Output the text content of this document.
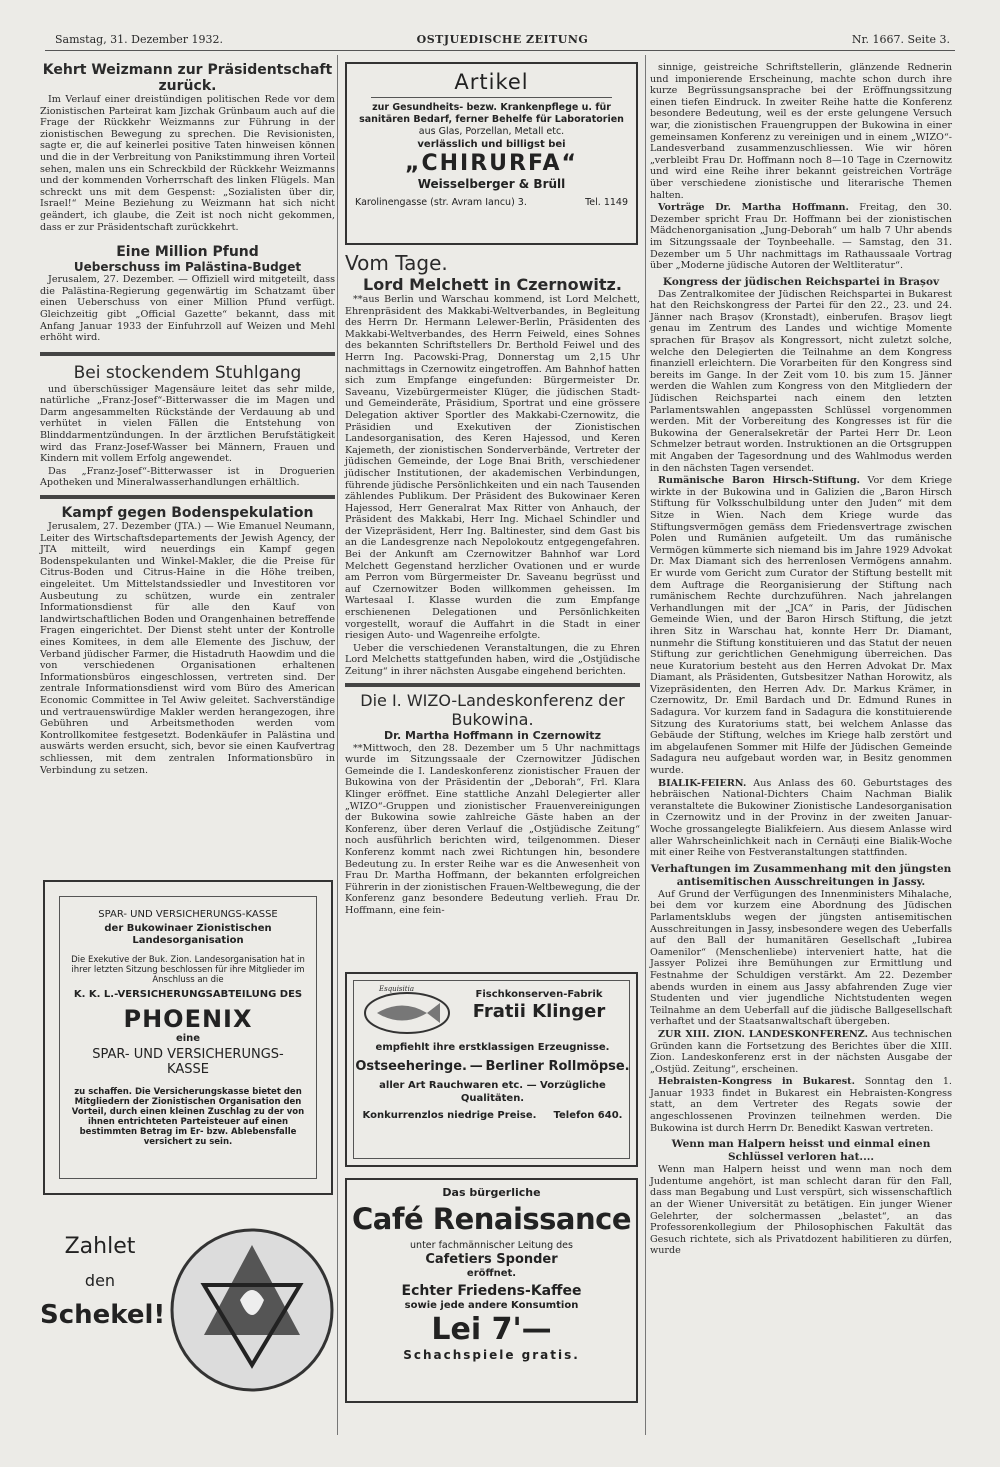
Samstag, 31. Dezember 1932.	OSTJUEDISCHE ZEITUNG	Nr. 1667. Seite 3.
Kehrt Weizmann zur Präsidentschaft zurück.

Im Verlauf einer dreistündigen politischen Rede vor dem Zionistischen Parteirat kam Jizchak Grünbaum auch auf die Frage der Rückkehr Weizmanns zur Führung in der zionistischen Bewegung zu sprechen. Die Revisionisten, sagte er, die auf keinerlei positive Taten hinweisen können und die in der Verbreitung von Panikstimmung ihren Vorteil sehen, malen uns ein Schreckbild der Rückkehr Weizmanns und der kommenden Vorherrschaft des linken Flügels. Man schreckt uns mit dem Gespenst: „Sozialisten über dir, Israel!“ Meine Beziehung zu Weizmann hat sich nicht geändert, ich glaube, die Zeit ist noch nicht gekommen, dass er zur Präsidentschaft zurückkehrt.

Eine Million Pfund
Ueberschuss im Palästina-Budget

Jerusalem, 27. Dezember. — Offiziell wird mitgeteilt, dass die Palästina-Regierung gegenwärtig im Schatzamt über einen Ueberschuss von einer Million Pfund verfügt. Gleichzeitig gibt „Official Gazette“ bekannt, dass mit Anfang Januar 1933 der Einfuhrzoll auf Weizen und Mehl erhöht wird.

Bei stockendem Stuhlgang

und überschüssiger Magensäure leitet das sehr milde, natürliche „Franz-Josef“-Bitterwasser die im Magen und Darm angesammelten Rückstände der Verdauung ab und verhütet in vielen Fällen die Entstehung von Blinddarmentzündungen. In der ärztlichen Berufstätigkeit wird das Franz-Josef-Wasser bei Männern, Frauen und Kindern mit vollem Erfolg angewendet.

Das „Franz-Josef“-Bitterwasser ist in Droguerien Apotheken und Mineralwasserhandlungen erhältlich.

Kampf gegen Bodenspekulation

Jerusalem, 27. Dezember (JTA.) — Wie Emanuel Neumann, Leiter des Wirtschaftsdepartements der Jewish Agency, der JTA mitteilt, wird neuerdings ein Kampf gegen Bodenspekulanten und Winkel-Makler, die die Preise für Citrus-Boden und Citrus-Haine in die Höhe treiben, eingeleitet. Um Mittelstandssiedler und Investitoren vor Ausbeutung zu schützen, wurde ein zentraler Informationsdienst für alle den Kauf von landwirtschaftlichen Boden und Orangenhainen betreffende Fragen eingerichtet. Der Dienst steht unter der Kontrolle eines Komitees, in dem alle Elemente des Jischuw, der Verband jüdischer Farmer, die Histadruth Haowdim und die von verschiedenen Organisationen erhaltenen Informationsbüros eingeschlossen, vertreten sind. Der zentrale Informationsdienst wird vom Büro des American Economic Committee in Tel Awiw geleitet. Sachverständige und vertrauenswürdige Makler werden herangezogen, ihre Gebühren und Arbeitsmethoden werden vom Kontrollkomitee festgesetzt. Bodenkäufer in Palästina und auswärts werden ersucht, sich, bevor sie einen Kaufvertrag schliessen, mit dem zentralen Informationsbüro in Verbindung zu setzen.

SPAR- UND VERSICHERUNGS-KASSE
der Bukowinaer Zionistischen Landesorganisation
Die Exekutive der Buk. Zion. Landesorganisation hat in ihrer letzten Sitzung beschlossen für ihre Mitglieder im Anschluss an die
K. K. L.-VERSICHERUNGSABTEILUNG DES
PHOENIX
eine
SPAR- UND VERSICHERUNGS-KASSE
zu schaffen. Die Versicherungskasse bietet den Mitgliedern der Zionistischen Organisation den Vorteil, durch einen kleinen Zuschlag zu der von ihnen entrichteten Parteisteuer auf einen bestimmten Betrag im Er- bzw. Ablebensfalle versichert zu sein.
Zahlet
den
Schekel!
Artikel
zur Gesundheits- bezw. Krankenpflege u. für sanitären Bedarf, ferner Behelfe für Laboratorien
aus Glas, Porzellan, Metall etc.
verlässlich und billigst bei
„CHIRURFA“
Weisselberger & Brüll
Karolinengasse (str. Avram Iancu) 3.	Tel. 1149
Vom Tage.
Lord Melchett in Czernowitz.

**aus Berlin und Warschau kommend, ist Lord Melchett, Ehrenpräsident des Makkabi-Weltverbandes, in Begleitung des Herrn Dr. Hermann Lelewer-Berlin, Präsidenten des Makkabi-Weltverbandes, des Herrn Feiweld, eines Sohnes des bekannten Schriftstellers Dr. Berthold Feiwel und des Herrn Ing. Pacowski-Prag, Donnerstag um 2,15 Uhr nachmittags in Czernowitz eingetroffen. Am Bahnhof hatten sich zum Empfange eingefunden: Bürgermeister Dr. Saveanu, Vizebürgermeister Klüger, die jüdischen Stadt- und Gemeinderäte, Präsidium, Sportrat und eine grössere Delegation aktiver Sportler des Makkabi-Czernowitz, die Präsidien und Exekutiven der Zionistischen Landesorganisation, des Keren Hajessod, und Keren Kajemeth, der zionistischen Sonderverbände, Vertreter der jüdischen Gemeinde, der Loge Bnai Brith, verschiedener jüdischer Institutionen, der akademischen Verbindungen, führende jüdische Persönlichkeiten und ein nach Tausenden zählendes Publikum. Der Präsident des Bukowinaer Keren Hajessod, Herr Generalrat Max Ritter von Anhauch, der Präsident des Makkabi, Herr Ing. Michael Schindler und der Vizepräsident, Herr Ing. Baltinester, sind dem Gast bis an die Landesgrenze nach Nepolokoutz entgegengefahren. Bei der Ankunft am Czernowitzer Bahnhof war Lord Melchett Gegenstand herzlicher Ovationen und er wurde am Perron vom Bürgermeister Dr. Saveanu begrüsst und auf Czernowitzer Boden willkommen geheissen. Im Wartesaal I. Klasse wurden die zum Empfange erschienenen Delegationen und Persönlichkeiten vorgestellt, worauf die Auffahrt in die Stadt in einer riesigen Auto- und Wagenreihe erfolgte.

Ueber die verschiedenen Veranstaltungen, die zu Ehren Lord Melchetts stattgefunden haben, wird die „Ostjüdische Zeitung“ in ihrer nächsten Ausgabe eingehend berichten.

Die I. WIZO-Landeskonferenz der Bukowina.
Dr. Martha Hoffmann in Czernowitz

**Mittwoch, den 28. Dezember um 5 Uhr nachmittags wurde im Sitzungssaale der Czernowitzer Jüdischen Gemeinde die I. Landeskonferenz zionistischer Frauen der Bukowina von der Präsidentin der „Deborah“, Frl. Klara Klinger eröffnet. Eine stattliche Anzahl Delegierter aller „WIZO“-Gruppen und zionistischer Frauenvereinigungen der Bukowina sowie zahlreiche Gäste haben an der Konferenz, über deren Verlauf die „Ostjüdische Zeitung“ noch ausführlich berichten wird, teilgenommen. Dieser Konferenz kommt nach zwei Richtungen hin, besondere Bedeutung zu. In erster Reihe war es die Anwesenheit von Frau Dr. Martha Hoffmann, der bekannten erfolgreichen Führerin in der zionistischen Frauen-Weltbewegung, die der Konferenz ganz besondere Bedeutung verlieh. Frau Dr. Hoffmann, eine fein-

Esquisitia	Fischkonserven-Fabrik
Fratii Klinger
empfiehlt ihre erstklassigen Erzeugnisse.
Ostseeheringe. — Berliner Rollmöpse.
aller Art Rauchwaren etc. — Vorzügliche Qualitäten.
Konkurrenzlos niedrige Preise. Telefon 640.
Das bürgerliche
Café Renaissance
unter fachmännischer Leitung des
Cafetiers Sponder
eröffnet.
Echter Friedens-Kaffee
sowie jede andere Konsumtion
Lei 7'—
Schachspiele gratis.

sinnige, geistreiche Schriftstellerin, glänzende Rednerin und imponierende Erscheinung, machte schon durch ihre kurze Begrüssungsansprache bei der Eröffnungssitzung einen tiefen Eindruck. In zweiter Reihe hatte die Konferenz besondere Bedeutung, weil es der erste gelungene Versuch war, die zionistischen Frauengruppen der Bukowina in einer gemeinsamen Konferenz zu vereinigen und in einem „WIZO“-Landesverband zusammenzuschliessen. Wie wir hören „verbleibt Frau Dr. Hoffmann noch 8—10 Tage in Czernowitz und wird eine Reihe ihrer bekannt geistreichen Vorträge über verschiedene zionistische und literarische Themen halten.

Vorträge Dr. Martha Hoffmann. Freitag, den 30. Dezember spricht Frau Dr. Hoffmann bei der zionistischen Mädchenorganisation „Jung-Deborah“ um halb 7 Uhr abends im Sitzungssaale der Toynbeehalle. — Samstag, den 31. Dezember um 5 Uhr nachmittags im Rathaussaale Vortrag über „Moderne jüdische Autoren der Weltliteratur“.

Kongress der jüdischen Reichspartei in Brașov

Das Zentralkomitee der Jüdischen Reichspartei in Bukarest hat den Reichskongress der Partei für den 22., 23. und 24. Jänner nach Brașov (Kronstadt), einberufen. Brașov liegt genau im Zentrum des Landes und wichtige Momente sprachen für Brașov als Kongressort, nicht zuletzt solche, welche den Delegierten die Teilnahme an dem Kongress finanziell erleichtern. Die Vorarbeiten für den Kongress sind bereits im Gange. In der Zeit vom 10. bis zum 15. Jänner werden die Wahlen zum Kongress von den Mitgliedern der Jüdischen Reichspartei nach einem den letzten Parlamentswahlen angepassten Schlüssel vorgenommen werden. Mit der Vorbereitung des Kongresses ist für die Bukowina der Generalsekretär der Partei Herr Dr. Leon Schmelzer betraut worden. Instruktionen an die Ortsgruppen mit Angaben der Tagesordnung und des Wahlmodus werden in den nächsten Tagen versendet.

Rumänische Baron Hirsch-Stiftung. Vor dem Kriege wirkte in der Bukowina und in Galizien die „Baron Hirsch Stiftung für Volksschulbildung unter den Juden“ mit dem Sitze in Wien. Nach dem Kriege wurde das Stiftungsvermögen gemäss dem Friedensvertrage zwischen Polen und Rumänien aufgeteilt. Um das rumänische Vermögen kümmerte sich niemand bis im Jahre 1929 Advokat Dr. Max Diamant sich des herrenlosen Vermögens annahm. Er wurde vom Gericht zum Curator der Stiftung bestellt mit dem Auftrage die Reorganisierung der Stiftung nach rumänischem Rechte durchzuführen. Nach jahrelangen Verhandlungen mit der „JCA“ in Paris, der Jüdischen Gemeinde Wien, und der Baron Hirsch Stiftung, die jetzt ihren Sitz in Warschau hat, konnte Herr Dr. Diamant, nunmehr die Stiftung konstituieren und das Statut der neuen Stiftung zur gerichtlichen Genehmigung überreichen. Das neue Kuratorium besteht aus den Herren Advokat Dr. Max Diamant, als Präsidenten, Gutsbesitzer Nathan Horowitz, als Vizepräsidenten, den Herren Adv. Dr. Markus Krämer, in Czernowitz, Dr. Emil Bardach und Dr. Edmund Runes in Sadagura. Vor kurzem fand in Sadagura die konstituierende Sitzung des Kuratoriums statt, bei welchem Anlasse das Gebäude der Stiftung, welches im Kriege halb zerstört und im abgelaufenen Sommer mit Hilfe der Jüdischen Gemeinde Sadagura neu aufgebaut worden war, in Besitz genommen wurde.

BIALIK-FEIERN. Aus Anlass des 60. Geburtstages des hebräischen National-Dichters Chaim Nachman Bialik veranstaltete die Bukowiner Zionistische Landesorganisation in Czernowitz und in der Provinz in der zweiten Januar-Woche grossangelegte Bialikfeiern. Aus diesem Anlasse wird aller Wahrscheinlichkeit nach in Cernăuți eine Bialik-Woche mit einer Reihe von Festveranstaltungen stattfinden.

Verhaftungen im Zusammenhang mit den jüngsten antisemitischen Ausschreitungen in Jassy.

Auf Grund der Verfügungen des Innenministers Mihalache, bei dem vor kurzem eine Abordnung des Jüdischen Parlamentsklubs wegen der jüngsten antisemitischen Ausschreitungen in Jassy, insbesondere wegen des Ueberfalls auf den Ball der humanitären Gesellschaft „Iubirea Oamenilor“ (Menschenliebe) interveniert hatte, hat die Jassyer Polizei ihre Bemühungen zur Ermittlung und Festnahme der Schuldigen verstärkt. Am 22. Dezember abends wurden in einem aus Jassy abfahrenden Zuge vier Studenten und vier jugendliche Nichtstudenten wegen Teilnahme an dem Ueberfall auf die jüdische Ballgesellschaft verhaftet und der Staatsanwaltschaft übergeben.

ZUR XIII. ZION. LANDESKONFERENZ. Aus technischen Gründen kann die Fortsetzung des Berichtes über die XIII. Zion. Landeskonferenz erst in der nächsten Ausgabe der „Ostjüd. Zeitung“, erscheinen.

Hebraisten-Kongress in Bukarest. Sonntag den 1. Januar 1933 findet in Bukarest ein Hebraisten-Kongress statt, an dem Vertreter des Regats sowie der angeschlossenen Provinzen teilnehmen werden. Die Bukowina ist durch Herrn Dr. Benedikt Kaswan vertreten.

Wenn man Halpern heisst und einmal einen Schlüssel verloren hat....

Wenn man Halpern heisst und wenn man noch dem Judentume angehört, ist man schlecht daran für den Fall, dass man Begabung und Lust verspürt, sich wissenschaftlich an der Wiener Universität zu betätigen. Ein junger Wiener Gelehrter, der solchermassen „belastet“, an das Professorenkollegium der Philosophischen Fakultät das Gesuch richtete, sich als Privatdozent habilitieren zu dürfen, wurde
